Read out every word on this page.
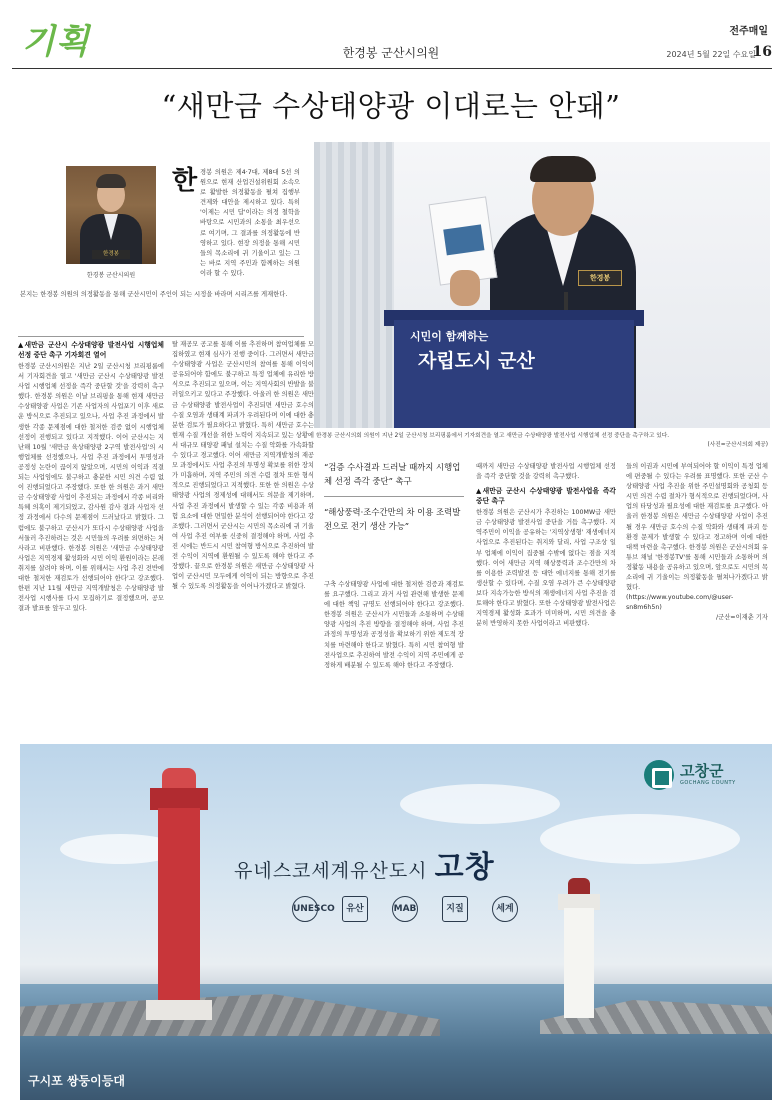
기획	한경봉 군산시의원
전주매일
2024년 5월 22일 수요일
16
“새만금 수상태양광 이대로는 안돼”
한경봉
한경봉 군산시의원
한 경봉 의원은 제4·7대, 제8대 5선 의원으로 현재 산업건설위원회 소속으로 활발한 의정활동을 펼쳐 집행부 견제와 대안을 제시하고 있다. 특히 '이제는 시민 답'이라는 의정 철학을 바탕으로 시민과의 소통을 최우선으로 여기며, 그 결과를 의정활동에 반영하고 있다. 현장 의정을 통해 시민들의 목소리에 귀 기울이고 있는 그는 바로 지역 주민과 함께하는 의원이라 할 수 있다.
본지는 한경봉 의원의 의정활동을 통해 군산시민이 주인이 되는 시정을 바라며 시리즈를 게재한다.
한경봉
시민이 함께하는
자립도시 군산
한경봉 군산시의회 의원이 지난 2일 군산시청 브리핑룸에서 기자회견을 열고 새만금 수상태양광 발전사업 시행업체 선정 중단을 촉구하고 있다.
(사진=군산시의회 제공)
▲새만금 군산시 수상태양광 발전사업 시행업체 선정 중단 촉구 기자회견 열어
한경봉 군산시의원은 지난 2일 군산시청 브리핑룸에서 기자회견을 열고 '새만금 군산시 수상태양광 발전사업 시행업체 선정을 즉각 중단할 것'을 강력히 촉구했다. 한경봉 의원은 이날 브리핑을 통해 현재 새만금 수상태양광 사업은 기존 사업자의 사업포기 이후 새로운 방식으로 추진되고 있으나, 사업 추진 과정에서 발생한 각종 문제점에 대한 철저한 검증 없이 시행업체 선정이 진행되고 있다고 지적했다. 이어 군산시는 지난해 10월 '새만금 육상태양광 2구역 발전사업'의 시행업체를 선정했으나, 사업 추진 과정에서 투명성과 공정성 논란이 끊이지 않았으며, 시민의 이익과 직결되는 사업임에도 불구하고 충분한 시민 의견 수렴 없이 진행되었다고 주장했다. 또한 한 의원은 과거 새만금 수상태양광 사업이 추진되는 과정에서 각종 비리와 특혜 의혹이 제기되었고, 감사원 감사 결과 사업자 선정 과정에서 다수의 문제점이 드러났다고 밝혔다. 그럼에도 불구하고 군산시가 또다시 수상태양광 사업을 서둘러 추진하려는 것은 시민들의 우려를 외면하는 처사라고 비판했다. 한경봉 의원은 '새만금 수상태양광 사업은 지역경제 활성화와 시민 이익 환원이라는 본래 취지를 살려야 하며, 이를 위해서는 사업 추진 전반에 대한 철저한 재검토가 선행되어야 한다'고 강조했다. 한편 지난 11월 새만금 지역개발청은 수상태양광 발전사업 시행사를 다시 모집하기로 결정했으며, 공모 결과 발표를 앞두고 있다.
탈 재공모 공고를 통해 이를 추진하며 참여업체를 모집하였고 현재 심사가 진행 중이다. 그러면서 새만금 수상태양광 사업은 군산시민의 참여를 통해 이익이 공유되어야 함에도 불구하고 특정 업체에 유리한 방식으로 추진되고 있으며, 이는 지역사회의 반발을 불러일으키고 있다고 주장했다. 아울러 한 의원은 새만금 수상태양광 발전사업이 추진되면 새만금 호수의 수질 오염과 생태계 파괴가 우려된다며 이에 대한 충분한 검토가 필요하다고 밝혔다. 특히 새만금 호수는 현재 수질 개선을 위한 노력이 지속되고 있는 상황에서 대규모 태양광 패널 설치는 수질 악화를 가속화할 수 있다고 경고했다. 이어 새만금 지역개발청의 재공모 과정에서도 사업 추진의 투명성 확보를 위한 장치가 미흡하며, 지역 주민의 의견 수렴 절차 또한 형식적으로 진행되었다고 지적했다. 또한 한 의원은 수상태양광 사업의 경제성에 대해서도 의문을 제기하며, 사업 추진 과정에서 발생할 수 있는 각종 비용과 위험 요소에 대한 면밀한 분석이 선행되어야 한다고 강조했다. 그러면서 군산시는 시민의 목소리에 귀 기울여 사업 추진 여부를 신중히 결정해야 하며, 사업 추진 시에는 반드시 시민 참여형 방식으로 추진하여 발전 수익이 지역에 환원될 수 있도록 해야 한다고 주장했다. 끝으로 한경봉 의원은 새만금 수상태양광 사업이 군산시민 모두에게 이익이 되는 방향으로 추진될 수 있도록 의정활동을 이어나가겠다고 밝혔다.
“검증 수사결과 드러날 때까지 시행업체 선정 즉각 중단” 촉구
“해상풍력·조수간만의 차 이용 조력발전으로 전기 생산 가능”
구축 수상태양광 사업에 대한 철저한 검증과 재검토를 요구했다. 그리고 과거 사업 관련해 발생한 문제에 대한 책임 규명도 선행되어야 한다고 강조했다. 한경봉 의원은 군산시가 시민들과 소통하며 수상태양광 사업의 추진 방향을 결정해야 하며, 사업 추진 과정의 투명성과 공정성을 확보하기 위한 제도적 장치를 마련해야 한다고 밝혔다. 특히 시민 참여형 발전사업으로 추진하여 발전 수익이 지역 주민에게 공정하게 배분될 수 있도록 해야 한다고 주장했다.
때까지 새만금 수상태양광 발전사업 시행업체 선정을 즉각 중단할 것을 강력히 촉구했다.
▲새만금 군산시 수상태양광 발전사업을 즉각 중단 촉구
한경봉 의원은 군산시가 추진하는 100MW급 새만금 수상태양광 발전사업 중단을 거듭 촉구했다. 지역주민이 이익을 공유하는 '지역상생형' 재생에너지 사업으로 추진된다는 취지와 달리, 사업 구조상 일부 업체에 이익이 집중될 수밖에 없다는 점을 지적했다. 이어 새만금 지역 해상풍력과 조수간만의 차를 이용한 조력발전 등 대안 에너지를 통해 전기를 생산할 수 있다며, 수질 오염 우려가 큰 수상태양광보다 지속가능한 방식의 재생에너지 사업 추진을 검토해야 한다고 밝혔다. 또한 수상태양광 발전사업은 지역경제 활성화 효과가 미미하며, 시민 의견을 충분히 반영하지 못한 사업이라고 비판했다.
들의 이권과 시민에 부여되어야 할 이익이 특정 업체에 편중될 수 있다는 우려를 표명했다. 또한 군산 수상태양광 사업 추진을 위한 주민설명회와 공청회 등 시민 의견 수렴 절차가 형식적으로 진행되었다며, 사업의 타당성과 필요성에 대한 재검토를 요구했다. 아울러 한경봉 의원은 새만금 수상태양광 사업이 추진될 경우 새만금 호수의 수질 악화와 생태계 파괴 등 환경 문제가 발생할 수 있다고 경고하며 이에 대한 대책 마련을 촉구했다. 한경봉 의원은 군산시의회 유튜브 채널 '한경봉TV'를 통해 시민들과 소통하며 의정활동 내용을 공유하고 있으며, 앞으로도 시민의 목소리에 귀 기울이는 의정활동을 펼쳐나가겠다고 밝혔다.
(https://www.youtube.com/@user-sn8m6h5n)
/군산=이재춘 기자
고창군
GOCHANG COUNTY
유네스코세계유산도시 고창
UNESCO	유산	MAB	지질	세계
구시포 쌍둥이등대
